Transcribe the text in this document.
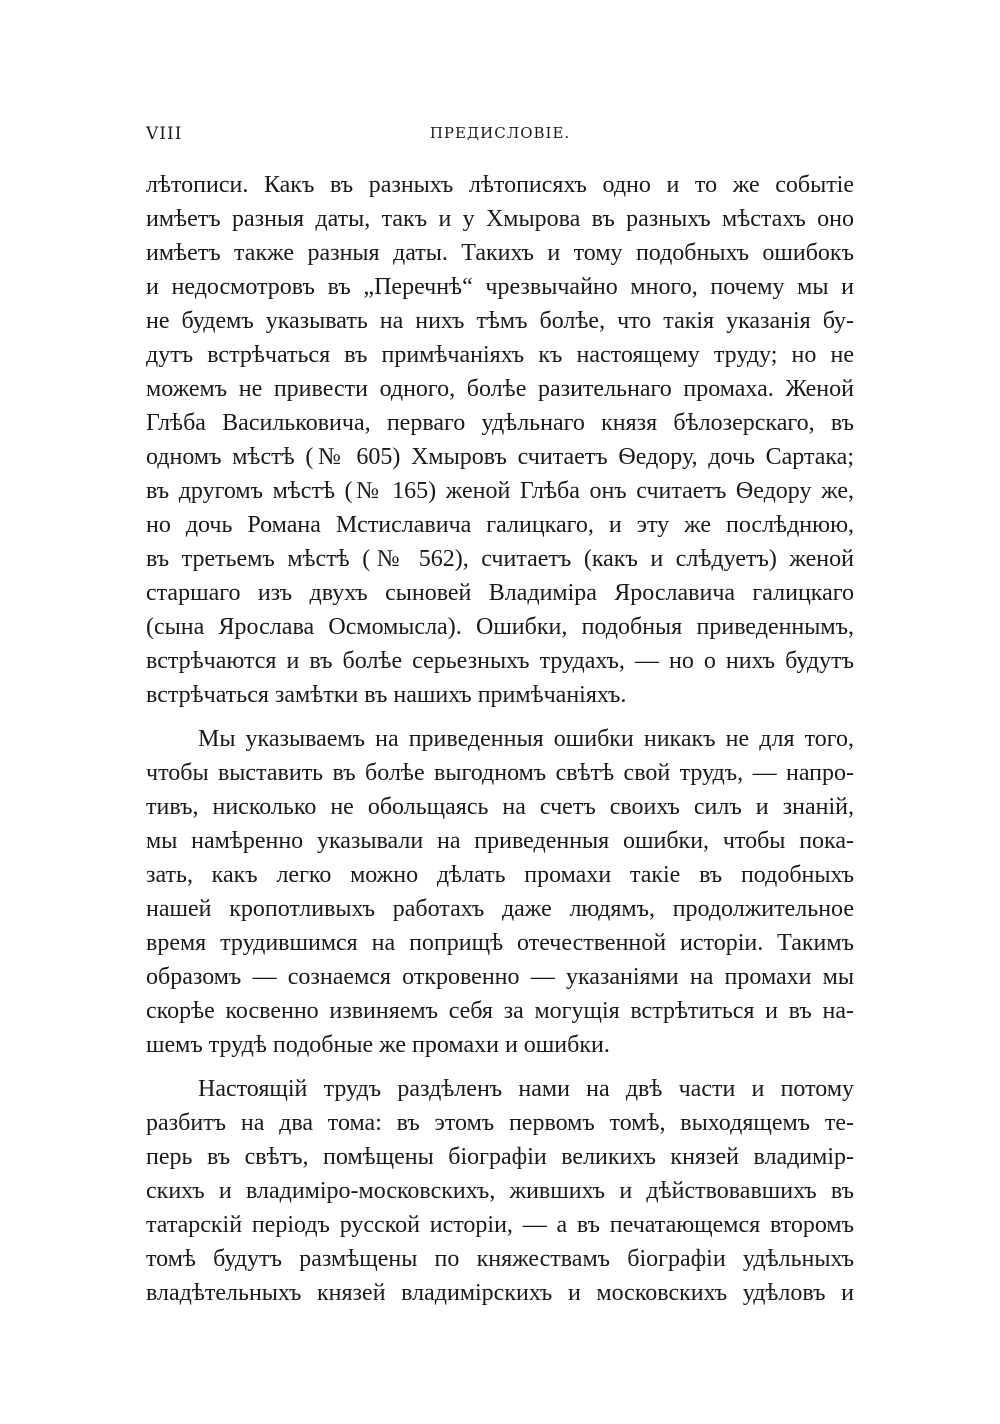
VIII	ПРЕДИСЛОВІЕ.
лѣтописи. Какъ въ разныхъ лѣтописяхъ одно и то же событіе
имѣетъ разныя даты, такъ и у Хмырова въ разныхъ мѣстахъ оно
имѣетъ также разныя даты. Такихъ и тому подобныхъ ошибокъ
и недосмотровъ въ „Перечнѣ“ чрезвычайно много, почему мы и
не будемъ указывать на нихъ тѣмъ болѣе, что такія указанія бу-
дутъ встрѣчаться въ примѣчаніяхъ къ настоящему труду; но не
можемъ не привести одного, болѣе разительнаго промаха. Женой
Глѣба Васильковича, перваго удѣльнаго князя бѣлозерскаго, въ
одномъ мѣстѣ (№ 605) Хмыровъ считаетъ Ѳедору, дочь Сартака;
въ другомъ мѣстѣ (№ 165) женой Глѣба онъ считаетъ Ѳедору же,
но дочь Романа Мстиславича галицкаго, и эту же послѣднюю,
въ третьемъ мѣстѣ (№ 562), считаетъ (какъ и слѣдуетъ) женой
старшаго изъ двухъ сыновей Владиміра Ярославича галицкаго
(сына Ярослава Осмомысла). Ошибки, подобныя приведеннымъ,
встрѣчаются и въ болѣе серьезныхъ трудахъ, — но о нихъ будутъ
встрѣчаться замѣтки въ нашихъ примѣчаніяхъ.
Мы указываемъ на приведенныя ошибки никакъ не для того,
чтобы выставить въ болѣе выгодномъ свѣтѣ свой трудъ, — напро-
тивъ, нисколько не обольщаясь на счетъ своихъ силъ и знаній,
мы намѣренно указывали на приведенныя ошибки, чтобы пока-
зать, какъ легко можно дѣлать промахи такіе въ подобныхъ
нашей кропотливыхъ работахъ даже людямъ, продолжительное
время трудившимся на поприщѣ отечественной исторіи. Такимъ
образомъ — сознаемся откровенно — указаніями на промахи мы
скорѣе косвенно извиняемъ себя за могущія встрѣтиться и въ на-
шемъ трудѣ подобные же промахи и ошибки.
Настоящій трудъ раздѣленъ нами на двѣ части и потому
разбитъ на два тома: въ этомъ первомъ томѣ, выходящемъ те-
перь въ свѣтъ, помѣщены біографіи великихъ князей владимір-
скихъ и владиміро-московскихъ, жившихъ и дѣйствовавшихъ въ
татарскій періодъ русской исторіи, — а въ печатающемся второмъ
томѣ будутъ размѣщены по княжествамъ біографіи удѣльныхъ
владѣтельныхъ князей владимірскихъ и московскихъ удѣловъ и
